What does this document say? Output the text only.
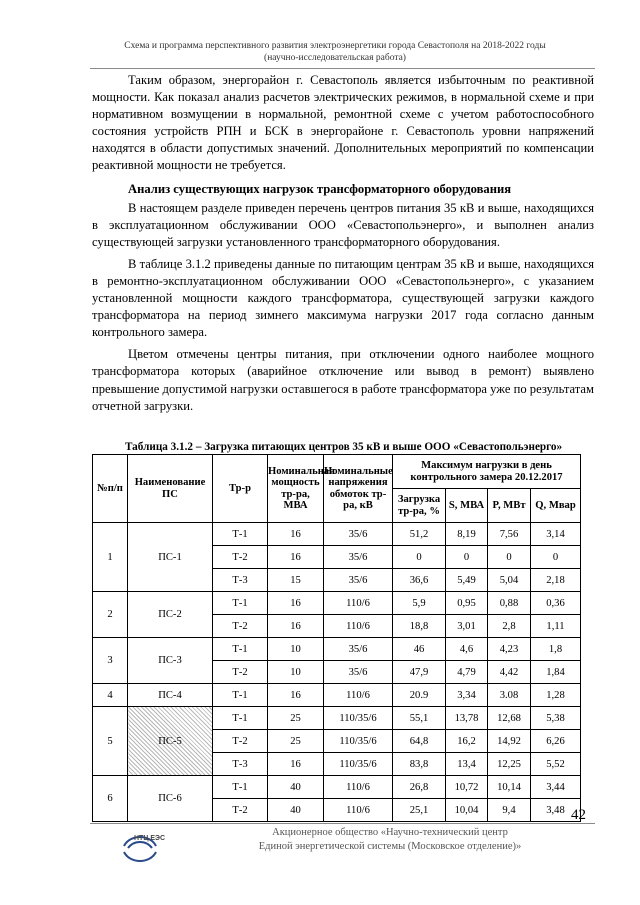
Схема и программа перспективного развития электроэнергетики города Севастополя на 2018-2022 годы
(научно-исследовательская работа)

Таким образом, энергорайон г. Севастополь является избыточным по реактивной мощности. Как показал анализ расчетов электрических режимов, в нормальной схеме и при нормативном возмущении в нормальной, ремонтной схеме с учетом работоспособного состояния устройств РПН и БСК в энергорайоне г. Севастополь уровни напряжений находятся в области допустимых значений. Дополнительных мероприятий по компенсации реактивной мощности не требуется.

Анализ существующих нагрузок трансформаторного оборудования

В настоящем разделе приведен перечень центров питания 35 кВ и выше, находящихся в эксплуатационном обслуживании ООО «Севастопольэнерго», и выполнен анализ существующей загрузки установленного трансформаторного оборудования.

В таблице 3.1.2 приведены данные по питающим центрам 35 кВ и выше, находящихся в ремонтно-эксплуатационном обслуживании ООО «Севастопольэнерго», с указанием установленной мощности каждого трансформатора, существующей загрузки каждого трансформатора на период зимнего максимума нагрузки 2017 года согласно данным контрольного замера.

Цветом отмечены центры питания, при отключении одного наиболее мощного трансформатора которых (аварийное отключение или вывод в ремонт) выявлено превышение допустимой нагрузки оставшегося в работе трансформатора уже по результатам отчетной загрузки.

Таблица 3.1.2 – Загрузка питающих центров 35 кВ и выше ООО «Севастопольэнерго»
№п/п	Наименование ПС	Тр-р	Номинальная мощность тр-ра, МВА	Номинальные напряжения обмоток тр-ра, кВ	Максимум нагрузки в день контрольного замера 20.12.2017			
					Загрузка тр-ра, %	S, МВА	P, МВт	Q, Мвар
1	ПС-1	Т-1	16	35/6	51,2	8,19	7,56	3,14
		Т-2	16	35/6	0	0	0	0
		Т-3	15	35/6	36,6	5,49	5,04	2,18
2	ПС-2	Т-1	16	110/6	5,9	0,95	0,88	0,36
		Т-2	16	110/6	18,8	3,01	2,8	1,11
3	ПС-3	Т-1	10	35/6	46	4,6	4,23	1,8
		Т-2	10	35/6	47,9	4,79	4,42	1,84
4	ПС-4	Т-1	16	110/6	20.9	3,34	3.08	1,28
5	ПС-5	Т-1	25	110/35/6	55,1	13,78	12,68	5,38
		Т-2	25	110/35/6	64,8	16,2	14,92	6,26
		Т-3	16	110/35/6	83,8	13,4	12,25	5,52
6	ПС-6	Т-1	40	110/6	26,8	10,72	10,14	3,44
		Т-2	40	110/6	25,1	10,04	9,4	3,48 42
НТЦ ЕЭС
Акционерное общество «Научно-технический центр
Единой энергетической системы (Московское отделение)»
